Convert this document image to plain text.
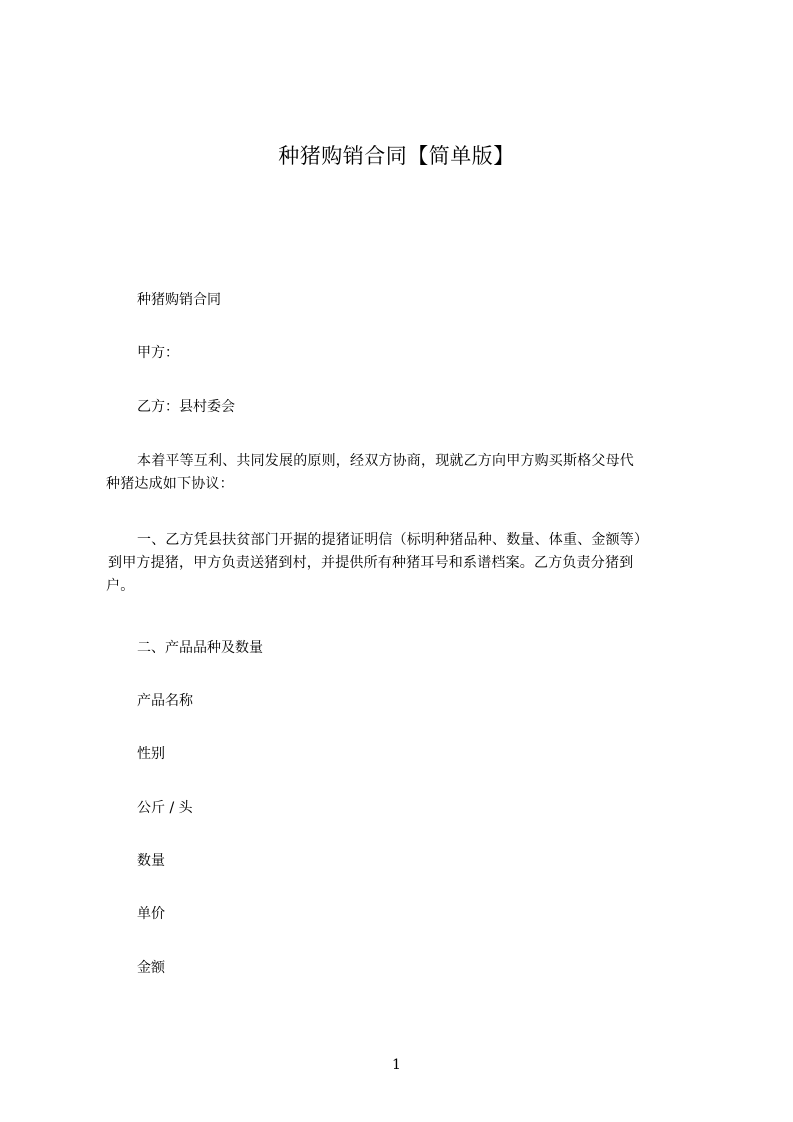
种猪购销合同【简单版】
种猪购销合同
甲方：
乙方：县村委会
本着平等互利、共同发展的原则，经双方协商，现就乙方向甲方购买斯格父母代
种猪达成如下协议：
一、乙方凭县扶贫部门开据的提猪证明信（标明种猪品种、数量、体重、金额等）
到甲方提猪，甲方负责送猪到村，并提供所有种猪耳号和系谱档案。乙方负责分猪到
户。
二、产品品种及数量
产品名称
性别
公斤 / 头
数量
单价
金额
1
